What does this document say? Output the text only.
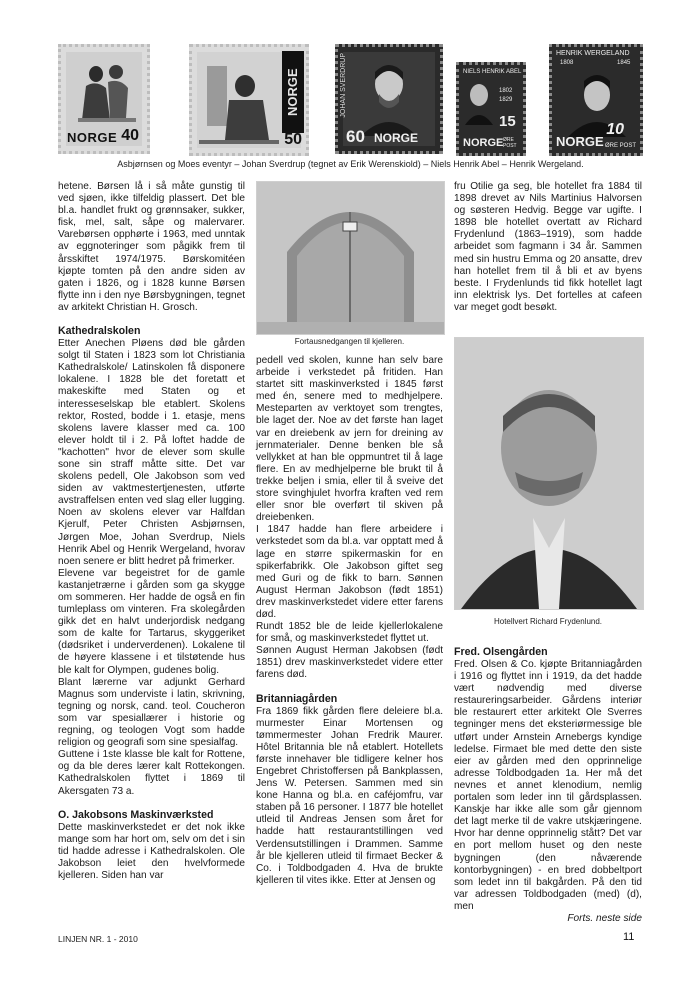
NORGE 40
NORGE
50
JOHAN SVERDRUP
60 NORGE
NIELS HENRIK ABEL
1802 1829
15
NORGE ØRE POST
HENRIK WERGELAND
1808 1845
NORGE
10
ØRE POST
Asbjørnsen og Moes eventyr – Johan Sverdrup (tegnet av Erik Werenskiold) – Niels Henrik Abel – Henrik Wergeland.

hetene. Børsen lå i så måte gunstig til ved sjøen, ikke tilfeldig plassert. Det ble bl.a. handlet frukt og grønnsaker, sukker, fisk, mel, salt, såpe og malervarer. Varebørsen opphørte i 1963, med unntak av eggnoteringer som pågikk frem til årsskiftet 1974/1975. Børskomitéen kjøpte tomten på den andre siden av gaten i 1826, og i 1828 kunne Børsen flytte inn i den nye Børsbygningen, tegnet av arkitekt Christian H. Grosch.

Kathedralskolen

Etter Anechen Pløens død ble gården solgt til Staten i 1823 som lot Christiania Kathedralskole/ Latinskolen få disponere lokalene. I 1828 ble det foretatt et makeskifte med Staten og et interesseselskap ble etablert. Skolens rektor, Rosted, bodde i 1. etasje, mens skolens lavere klasser med ca. 100 elever holdt til i 2. På loftet hadde de "kachotten" hvor de elever som skulle sone sin straff måtte sitte. Det var skolens pedell, Ole Jakobson som ved siden av vaktmestertjenesten, utførte avstraffelsen enten ved slag eller lugging. Noen av skolens elever var Halfdan Kjerulf, Peter Christen Asbjørnsen, Jørgen Moe, Johan Sverdrup, Niels Henrik Abel og Henrik Wergeland, hvorav noen senere er blitt hedret på frimerker.

Elevene var begeistret for de gamle kastanjetrærne i gården som ga skygge om sommeren. Her hadde de også en fin tumleplass om vinteren. Fra skolegården gikk det en halvt underjordisk nedgang som de kalte for Tartarus, skyggeriket (dødsriket i underverdenen). Lokalene til de høyere klassene i et tilstøtende hus ble kalt for Olympen, gudenes bolig.

Blant lærerne var adjunkt Gerhard Magnus som underviste i latin, skrivning, tegning og norsk, cand. teol. Coucheron som var spesiallærer i historie og regning, og teologen Vogt som hadde religion og geografi som sine spesialfag.

Guttene i 1ste klasse ble kalt for Rottene, og da ble deres lærer kalt Rottekongen. Kathedralskolen flyttet i 1869 til Akersgaten 73 a.

O. Jakobsons Maskinværksted

Dette maskinverkstedet er det nok ikke mange som har hort om, selv om det i sin tid hadde adresse i Kathedralskolen. Ole Jakobson leiet den hvelvformede kjelleren. Siden han var

Fortausnedgangen til kjelleren.

pedell ved skolen, kunne han selv bare arbeide i verkstedet på fritiden. Han startet sitt maskinverksted i 1845 først med én, senere med to medhjelpere. Mesteparten av verktoyet som trengtes, ble laget der. Noe av det første han laget var en dreiebenk av jern for dreining av jernmaterialer. Denne benken ble så vellykket at han ble oppmuntret til å lage flere. En av medhjelperne ble brukt til å trekke beljen i smia, eller til å sveive det store svinghjulet hvorfra kraften ved rem eller snor ble overført til skiven på dreiebenken.

I 1847 hadde han flere arbeidere i verkstedet som da bl.a. var opptatt med å lage en større spikermaskin for en spikerfabrikk. Ole Jakobson giftet seg med Guri og de fikk to barn. Sønnen August Herman Jakobson (født 1851) drev maskinverkstedet videre etter farens død.

Rundt 1852 ble de leide kjellerlokalene for små, og maskinverkstedet flyttet ut.

Sønnen August Herman Jakobsen (født 1851) drev maskinverkstedet videre etter farens død.

Britanniagården

Fra 1869 fikk gården flere deleiere bl.a. murmester Einar Mortensen og tømmermester Johan Fredrik Maurer. Hôtel Britannia ble nå etablert. Hotellets første innehaver ble tidligere kelner hos Engebret Christoffersen på Bankplassen, Jens W. Petersen. Sammen med sin kone Hanna og bl.a. en caféjomfru, var staben på 16 personer. I 1877 ble hotellet utleid til Andreas Jensen som året for hadde hatt restaurantstillingen ved Verdensutstillingen i Drammen. Samme år ble kjelleren utleid til firmaet Becker & Co. i Toldbodgaden 4. Hva de brukte kjelleren til vites ikke. Etter at Jensen og

fru Otilie ga seg, ble hotellet fra 1884 til 1898 drevet av Nils Martinius Halvorsen og søsteren Hedvig. Begge var ugifte. I 1898 ble hotellet overtatt av Richard Frydenlund (1863–1919), som hadde arbeidet som fagmann i 34 år. Sammen med sin hustru Emma og 20 ansatte, drev han hotellet frem til å bli et av byens beste. I Frydenlunds tid fikk hotellet lagt inn elektrisk lys. Det fortelles at cafeen var meget godt besøkt.

Hotellvert Richard Frydenlund.
Fred. Olsengården

Fred. Olsen & Co. kjøpte Britanniagården i 1916 og flyttet inn i 1919, da det hadde vært nødvendig med diverse restaureringsarbeider. Gårdens interiør ble restaurert etter arkitekt Ole Sverres tegninger mens det eksteriørmessige ble utført under Arnstein Arnebergs kyndige ledelse. Firmaet ble med dette den siste eier av gården med den opprinnelige adresse Toldbodgaden 1a. Her må det nevnes et annet klenodium, nemlig portalen som leder inn til gårdsplassen. Kanskje har ikke alle som går gjennom det lagt merke til de vakre utskjæringene. Hvor har denne opprinnelig stått? Det var en port mellom huset og den neste bygningen (den nåværende kontorbygningen) - en bred dobbeltport som ledet inn til bakgården. På den tid var adressen Toldbodgaden (med) (d), men

Forts. neste side

LINJEN NR. 1 - 2010	11
